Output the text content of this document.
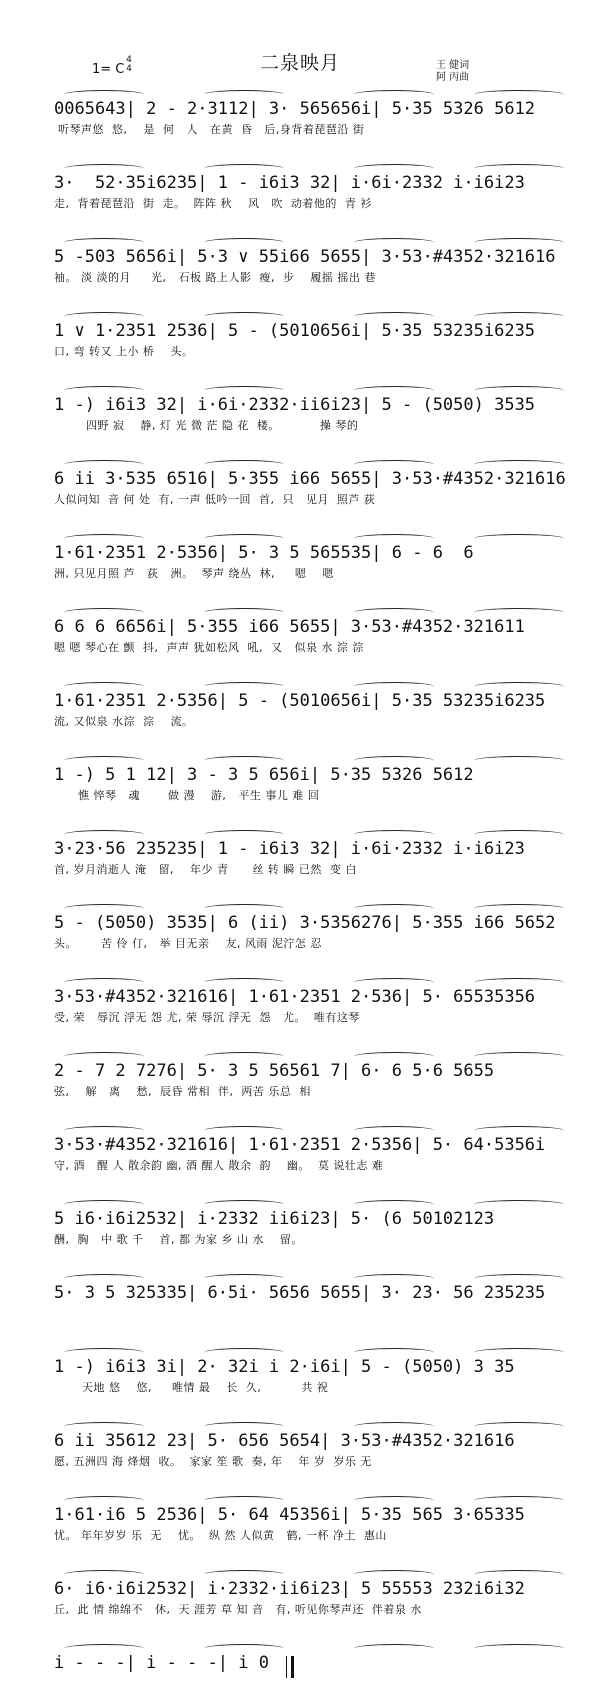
二泉映月
1= C
4
4	王 健词
阿 丙曲
0065643| 2 - 2·3112| 3· 565656i| 5·35 5326 5612
听琴声悠  悠,    是  何   人   在黄  昏   后,身背着琵琶沿 街
3·  52·35i6235| 1 - i6i3 32| i·6i·2332 i·i6i23
走,  背着琵琶沿  街  走。  阵阵 秋    风   吹  动着他的  青 衫
5 -503 5656i| 5·3 ∨ 55i66 5655| 3·53·#4352·321616
袖。 淡 淡的月     光,   石板 路上人影  瘦,  步    履摇 摇出 巷
1 ∨ 1·2351 2536| 5 - (5010656i| 5·35 53235i6235
口, 弯 转又 上小 桥    头。
1 -) i6i3 32| i·6i·2332·ii6i23| 5 - (5050) 3535
四野 寂    静, 灯 光 微 茫 隐 花  楼。          操 琴的
6 ii 3·535 6516| 5·355 i66 5655| 3·53·#4352·321616
人似问知  音 何 处  有, 一声 低吟一回  首,  只   见月  照芦 荻
1·61·2351 2·5356| 5· 3 5 565535| 6 - 6  6
洲, 只见月照 芦   荻   洲。  琴声 绕丛  林,     嗯    嗯
6 6 6 6656i| 5·355 i66 5655| 3·53·#4352·321611
嗯 嗯 琴心在 颤  抖,  声声 犹如松风  吼,  又   似泉 水 淙 淙
1·61·2351 2·5356| 5 - (5010656i| 5·35 53235i6235
流, 又似泉 水淙  淙    流。
1 -) 5 1 12| 3 - 3 5 656i| 5·35 5326 5612
憔 悴琴   魂       做 漫    游,   平生 事儿 难 回
3·23·56 235235| 1 - i6i3 32| i·6i·2332 i·i6i23
首, 岁月消逝人 淹   留,    年少 青      丝 转 瞬 已然  变 白
5 - (5050) 3535| 6 (ii) 3·5356276| 5·355 i66 5652
头。      苦 伶 仃,   举 目无亲    友, 风雨 泥泞怎 忍
3·53·#4352·321616| 1·61·2351 2·536| 5· 65535356
受, 荣   辱沉 浮无 怨 尤, 荣 辱沉 浮无  怨   尤。  唯有这琴
2 - 7 2 7276| 5· 3 5 56561 7| 6· 6 5·6 5655
弦,    解   离    愁,  辰昏 常相  伴,  两苦 乐总  相
3·53·#4352·321616| 1·61·2351 2·5356| 5· 64·5356i
守, 酒   醒 人 散余韵 幽, 酒 醒人 散余  韵    幽。  莫 说壮志 难
5 i6·i6i2532| i·2332 ii6i23| 5· (6 50102123
酬,  胸   中 歌 千    首, 都 为家 乡 山 水    留。
5· 3 5 325335| 6·5i· 5656 5655| 3· 23· 56 235235
1 -) i6i3 3i| 2· 32i i 2·i6i| 5 - (5050) 3 35
天地 悠    悠,     唯情 最    长  久,          共 祝
6 ii 35612 23| 5· 656 5654| 3·53·#4352·321616
愿, 五洲四 海 烽烟  收。  家家 笙 歌  奏, 年    年 岁  岁乐 无
1·61·i6 5 2536| 5· 64 45356i| 5·35 565 3·65335
忧。 年年岁岁 乐  无    忧。  纵 然 人似黄   鹤, 一杯 净土  惠山
6· i6·i6i2532| i·2332·ii6i23| 5 55553 232i6i32
丘,  此 情 绵绵不   休,  天 涯芳 草 知 音   有, 听见你琴声还  伴着泉 水
i - - -| i - - -| i 0
